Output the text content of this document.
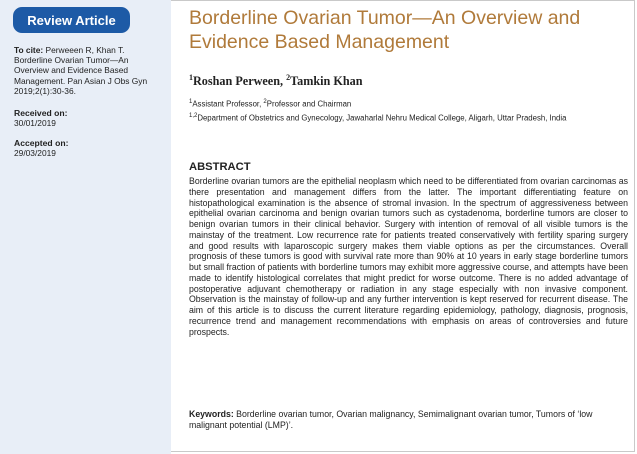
Review Article
To cite: Perweeen R, Khan T. Borderline Ovarian Tumor—An Overview and Evidence Based Management. Pan Asian J Obs Gyn 2019;2(1):30-36.
Received on:
30/01/2019
Accepted on:
29/03/2019
Borderline Ovarian Tumor—An Overview and Evidence Based Management
$^1$Roshan Perween, $^2$Tamkin Khan
$^1$Assistant Professor, $^2$Professor and Chairman
$^{1,2}$Department of Obstetrics and Gynecology, Jawaharlal Nehru Medical College, Aligarh, Uttar Pradesh, India
ABSTRACT
Borderline ovarian tumors are the epithelial neoplasm which need to be differentiated from ovarian carcinomas as there presentation and management differs from the latter. The important differentiating feature on histopathological examination is the absence of stromal invasion. In the spectrum of aggressiveness between epithelial ovarian carcinoma and benign ovarian tumors such as cystadenoma, borderline tumors are closer to benign ovarian tumors in their clinical behavior. Surgery with intention of removal of all visible tumors is the mainstay of the treatment. Low recurrence rate for patients treated conservatively with fertility sparing surgery and good results with laparoscopic surgery makes them viable options as per the circumstances. Overall prognosis of these tumors is good with survival rate more than 90% at 10 years in early stage borderline tumors but small fraction of patients with borderline tumors may exhibit more aggressive course, and attempts have been made to identify histological correlates that might predict for worse outcome. There is no added advantage of postoperative adjuvant chemotherapy or radiation in any stage especially with non invasive component. Observation is the mainstay of follow-up and any further intervention is kept reserved for recurrent disease. The aim of this article is to discuss the current literature regarding epidemiology, pathology, diagnosis, prognosis, recurrence trend and management recommendations with emphasis on areas of controversies and future prospects.
Keywords: Borderline ovarian tumor, Ovarian malignancy, Semimalignant ovarian tumor, Tumors of ‘low malignant potential (LMP)’.
